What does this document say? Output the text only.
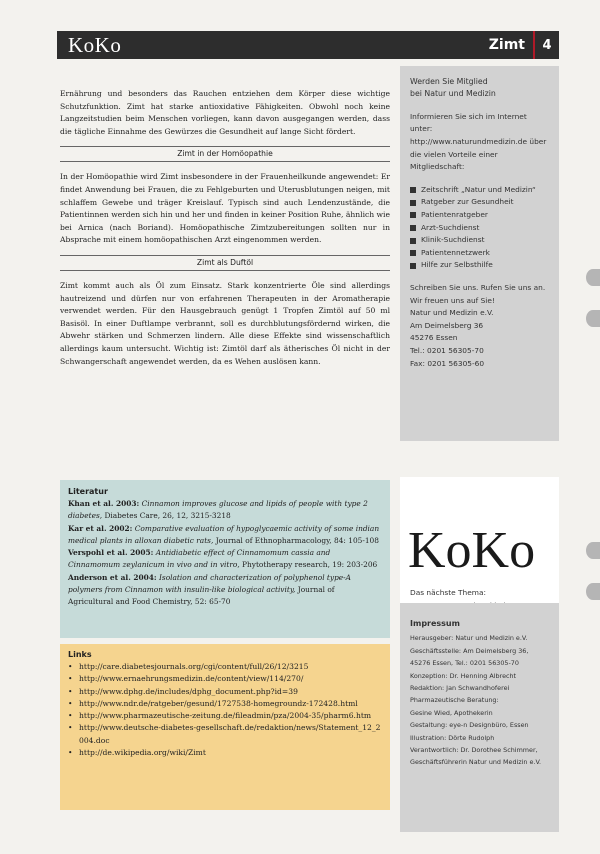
KoKo	Zimt	4

Ernährung und besonders das Rauchen entziehen dem Körper diese wichtige Schutzfunktion. Zimt hat starke antioxidative Fähigkeiten. Obwohl noch keine Langzeitstudien beim Menschen vorliegen, kann davon ausgegangen werden, dass die tägliche Einnahme des Gewürzes die Gesundheit auf lange Sicht fördert.

Zimt in der Homöopathie

In der Homöopathie wird Zimt insbesondere in der Frauenheilkunde angewendet: Er findet Anwendung bei Frauen, die zu Fehlgeburten und Uterusblutungen neigen, mit schlaffem Gewebe und träger Kreislauf. Typisch sind auch Lendenzustände, die Patientinnen werden sich hin und her und finden in keiner Position Ruhe, ähnlich wie bei Arnica (nach Boriand). Homöopathische Zimtzubereitungen sollten nur in Absprache mit einem homöopathischen Arzt eingenommen werden.

Zimt als Duftöl

Zimt kommt auch als Öl zum Einsatz. Stark konzentrierte Öle sind allerdings hautreizend und dürfen nur von erfahrenen Therapeuten in der Aromatherapie verwendet werden. Für den Hausgebrauch genügt 1 Tropfen Zimtöl auf 50 ml Basisöl. In einer Duftlampe verbrannt, soll es durchblutungsfördernd wirken, die Abwehr stärken und Schmerzen lindern. Alle diese Effekte sind wissenschaftlich allerdings kaum untersucht. Wichtig ist: Zimtöl darf als ätherisches Öl nicht in der Schwangerschaft angewendet werden, da es Wehen auslösen kann.

Literatur

Khan et al. 2003: Cinnamon improves glucose and lipids of people with type 2 diabetes, Diabetes Care, 26, 12, 3215-3218

Kar et al. 2002: Comparative evaluation of hypoglycaemic activity of some indian medical plants in alloxan diabetic rats, Journal of Ethnopharmacology, 84: 105-108

Verspohl et al. 2005: Antidiabetic effect of Cinnamomum cassia and Cinnamomum zeylanicum in vivo and in vitro, Phytotherapy research, 19: 203-206

Anderson et al. 2004: Isolation and characterization of polyphenol type-A polymers from Cinnamon with insulin-like biological activity, Journal of Agricultural and Food Chemistry, 52: 65-70

Links
• http://care.diabetesjournals.org/cgi/content/full/26/12/3215
• http://www.ernaehrungsmedizin.de/content/view/114/270/
• http://www.dphg.de/includes/dphg_document.php?id=39
• http://www.ndr.de/ratgeber/gesund/1727538-homegroundz-172428.html
• http://www.pharmazeutische-zeitung.de/fileadmin/pza/2004-35/pharm6.htm
• http://www.deutsche-diabetes-gesellschaft.de/redaktion/news/Statement_12_2004.doc
• http://de.wikipedia.org/wiki/Zimt

Werden Sie Mitglied
bei Natur und Medizin

Informieren Sie sich im Internet unter: http://www.naturundmedizin.de über die vielen Vorteile einer Mitgliedschaft:

Zeitschrift „Natur und Medizin“
Ratgeber zur Gesundheit
Patientenratgeber
Arzt-Suchdienst
Klinik-Suchdienst
Patientennetzwerk
Hilfe zur Selbsthilfe

Schreiben Sie uns. Rufen Sie uns an. Wir freuen uns auf Sie!

Natur und Medizin e.V.
Am Deimelsberg 36
45276 Essen
Tel.: 0201 56305-70
Fax: 0201 56305-60
KoKo
Das nächste Thema:
Impressum
Herausgeber: Natur und Medizin e.V.
Geschäftsstelle: Am Deimelsberg 36,
45276 Essen, Tel.: 0201 56305-70
Konzeption: Dr. Henning Albrecht
Redaktion: Jan Schwandhoferei
Pharmazeutische Beratung:
Gesine Wied, Apothekerin
Gestaltung: eye-n Designbüro, Essen
Illustration: Dörte Rudolph
Verantwortlich: Dr. Dorothee Schimmer,
Geschäftsführerin Natur und Medizin e.V.
